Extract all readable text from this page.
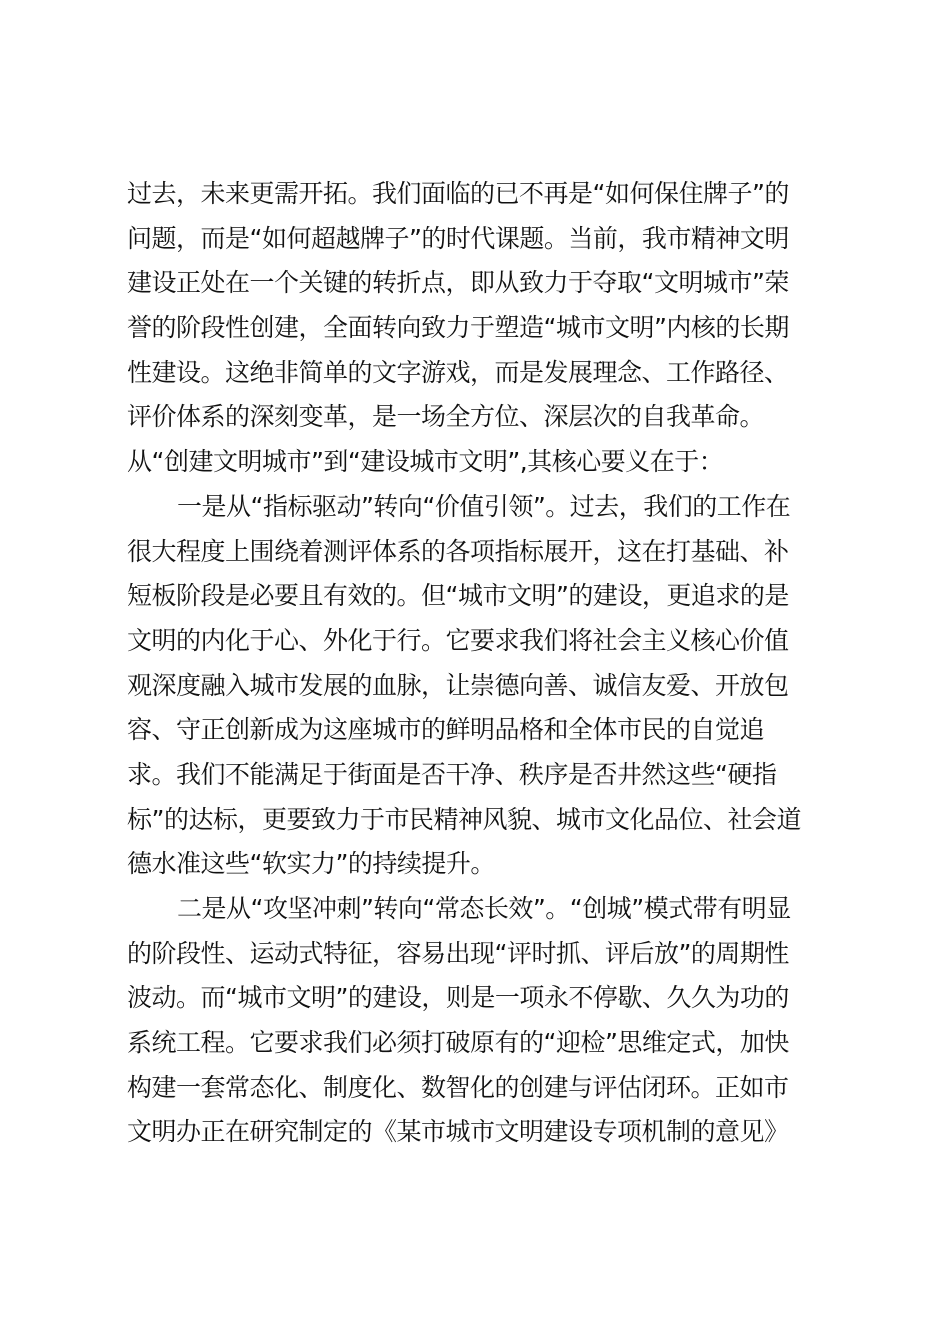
过去，未来更需开拓。我们面临的已不再是“如何保住牌子”的
问题，而是“如何超越牌子”的时代课题。当前，我市精神文明
建设正处在一个关键的转折点，即从致力于夺取“文明城市”荣
誉的阶段性创建，全面转向致力于塑造“城市文明”内核的长期
性建设。这绝非简单的文字游戏，而是发展理念、工作路径、
评价体系的深刻变革，是一场全方位、深层次的自我革命。
从“创建文明城市”到“建设城市文明”,其核心要义在于：
一是从“指标驱动”转向“价值引领”。过去，我们的工作在
很大程度上围绕着测评体系的各项指标展开，这在打基础、补
短板阶段是必要且有效的。但“城市文明”的建设，更追求的是
文明的内化于心、外化于行。它要求我们将社会主义核心价值
观深度融入城市发展的血脉，让崇德向善、诚信友爱、开放包
容、守正创新成为这座城市的鲜明品格和全体市民的自觉追
求。我们不能满足于街面是否干净、秩序是否井然这些“硬指
标”的达标，更要致力于市民精神风貌、城市文化品位、社会道
德水准这些“软实力”的持续提升。
二是从“攻坚冲刺”转向“常态长效”。“创城”模式带有明显
的阶段性、运动式特征，容易出现“评时抓、评后放”的周期性
波动。而“城市文明”的建设，则是一项永不停歇、久久为功的
系统工程。它要求我们必须打破原有的“迎检”思维定式，加快
构建一套常态化、制度化、数智化的创建与评估闭环。正如市
文明办正在研究制定的《某市城市文明建设专项机制的意见》
